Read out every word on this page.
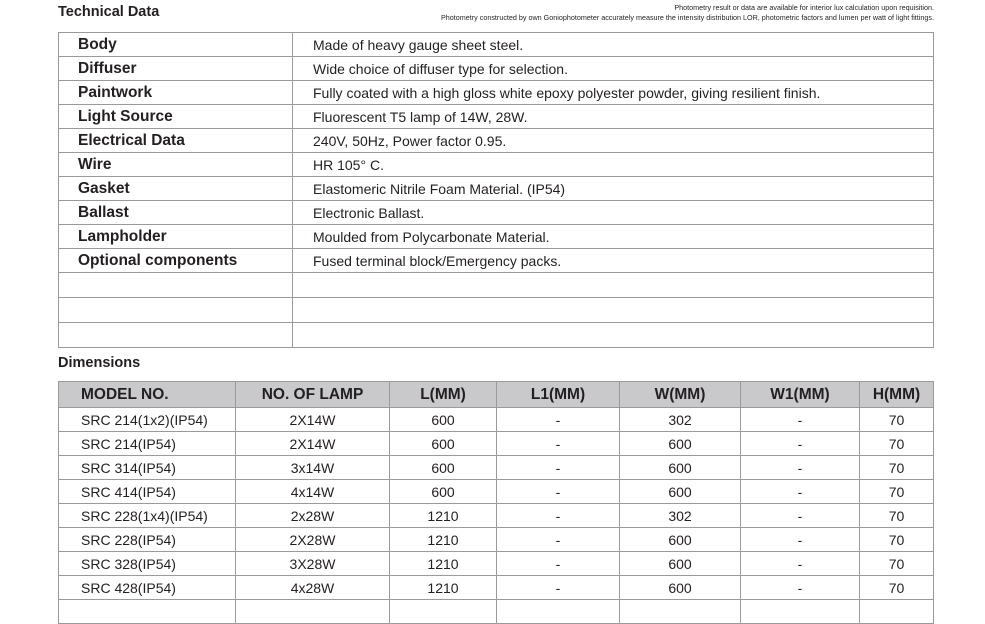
Technical Data	Photometry result or data are available for interior lux calculation upon requisition.
Photometry constructed by own Goniophotometer accurately measure the intensity distribution LOR, photometric factors and lumen per watt of light fittings.
Body	Made of heavy gauge sheet steel.
Diffuser	Wide choice of diffuser type for selection.
Paintwork	Fully coated with a high gloss white epoxy polyester powder, giving resilient finish.
Light Source	Fluorescent T5 lamp of 14W, 28W.
Electrical Data	240V, 50Hz, Power factor 0.95.
Wire	HR 105° C.
Gasket	Elastomeric Nitrile Foam Material. (IP54)
Ballast	Electronic Ballast.
Lampholder	Moulded from Polycarbonate Material.
Optional components	Fused terminal block/Emergency packs.

Dimensions
MODEL NO.	NO. OF LAMP	L(MM)	L1(MM)	W(MM)	W1(MM)	H(MM)
SRC 214(1x2)(IP54)	2X14W	600	-	302	-	70
SRC 214(IP54)	2X14W	600	-	600	-	70
SRC 314(IP54)	3x14W	600	-	600	-	70
SRC 414(IP54)	4x14W	600	-	600	-	70
SRC 228(1x4)(IP54)	2x28W	1210	-	302	-	70
SRC 228(IP54)	2X28W	1210	-	600	-	70
SRC 328(IP54)	3X28W	1210	-	600	-	70
SRC 428(IP54)	4x28W	1210	-	600	-	70
